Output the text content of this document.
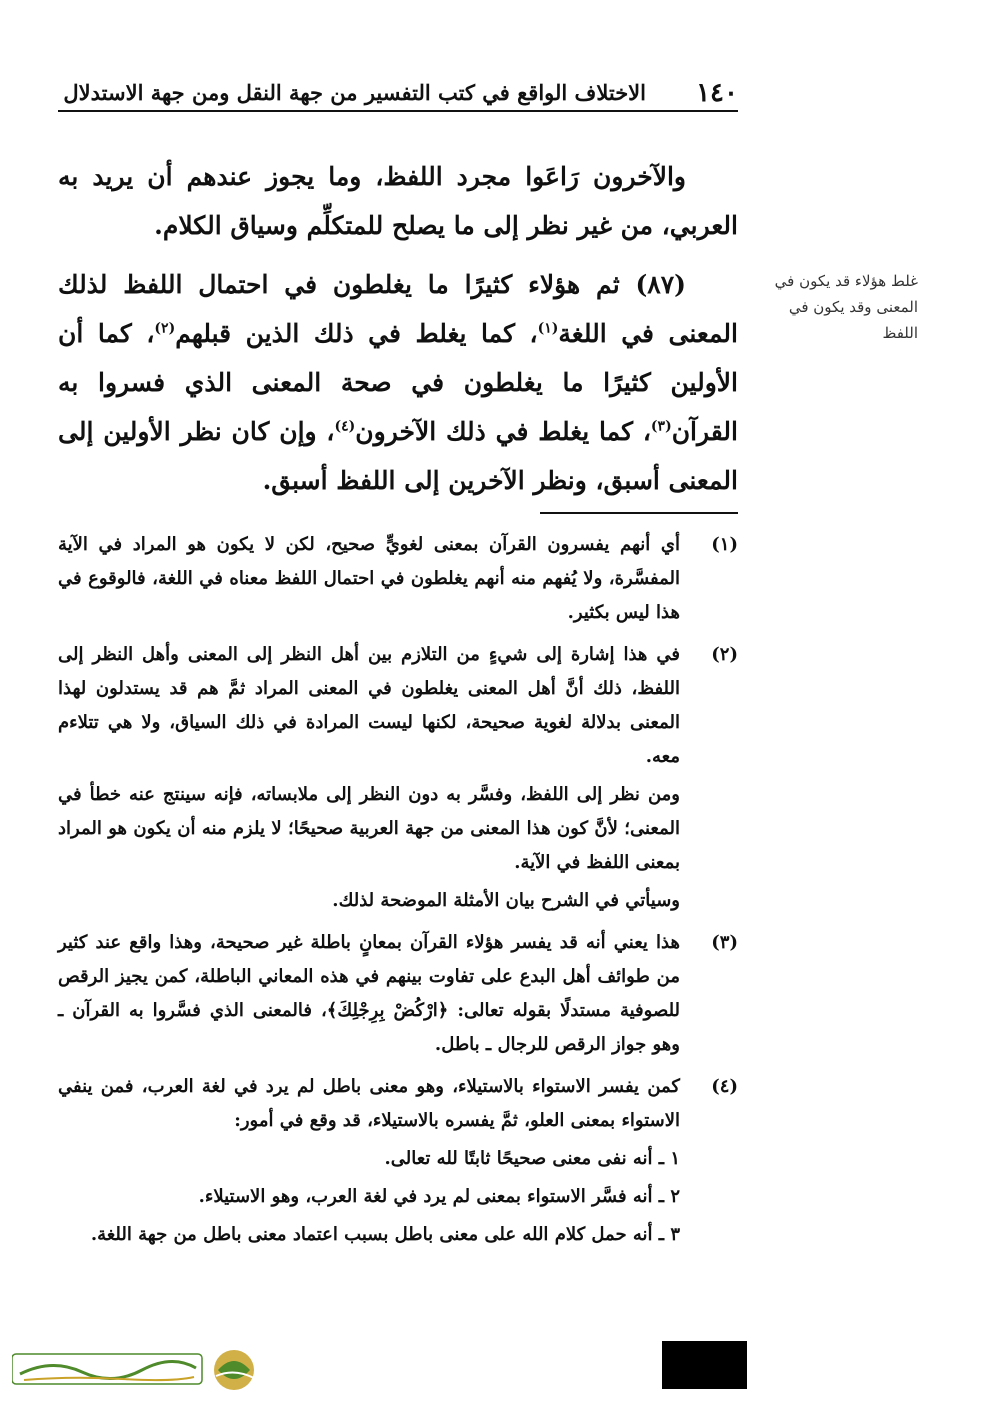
١٤٠
الاختلاف الواقع في كتب التفسير من جهة النقل ومن جهة الاستدلال

والآخرون رَاعَوا مجرد اللفظ، وما يجوز عندهم أن يريد به العربي، من غير نظر إلى ما يصلح للمتكلِّم وسياق الكلام.

(٨٧) ثم هؤلاء كثيرًا ما يغلطون في احتمال اللفظ لذلك المعنى في اللغة$^{(١)}$، كما يغلط في ذلك الذين قبلهم$^{(٢)}$، كما أن الأولين كثيرًا ما يغلطون في صحة المعنى الذي فسروا به القرآن$^{(٣)}$، كما يغلط في ذلك الآخرون$^{(٤)}$، وإن كان نظر الأولين إلى المعنى أسبق، ونظر الآخرين إلى اللفظ أسبق.

غلط هؤلاء قد يكون في المعنى وقد يكون في اللفظ
(١)

أي أنهم يفسرون القرآن بمعنى لغويٍّ صحيح، لكن لا يكون هو المراد في الآية المفسَّرة، ولا يُفهم منه أنهم يغلطون في احتمال اللفظ معناه في اللغة، فالوقوع في هذا ليس بكثير.

(٢)

في هذا إشارة إلى شيءٍ من التلازم بين أهل النظر إلى المعنى وأهل النظر إلى اللفظ، ذلك أنَّ أهل المعنى يغلطون في المعنى المراد ثمَّ هم قد يستدلون لهذا المعنى بدلالة لغوية صحيحة، لكنها ليست المرادة في ذلك السياق، ولا هي تتلاءم معه.

ومن نظر إلى اللفظ، وفسَّر به دون النظر إلى ملابساته، فإنه سينتج عنه خطأ في المعنى؛ لأنَّ كون هذا المعنى من جهة العربية صحيحًا؛ لا يلزم منه أن يكون هو المراد بمعنى اللفظ في الآية.

وسيأتي في الشرح بيان الأمثلة الموضحة لذلك.

(٣)

هذا يعني أنه قد يفسر هؤلاء القرآن بمعانٍ باطلة غير صحيحة، وهذا واقع عند كثير من طوائف أهل البدع على تفاوت بينهم في هذه المعاني الباطلة، كمن يجيز الرقص للصوفية مستدلًا بقوله تعالى: ﴿ارْكُضْ بِرِجْلِكَ﴾، فالمعنى الذي فسَّروا به القرآن ـ وهو جواز الرقص للرجال ـ باطل.

(٤)

كمن يفسر الاستواء بالاستيلاء، وهو معنى باطل لم يرد في لغة العرب، فمن ينفي الاستواء بمعنى العلو، ثمَّ يفسره بالاستيلاء، قد وقع في أمور:

١ ـ أنه نفى معنى صحيحًا ثابتًا لله تعالى.

٢ ـ أنه فسَّر الاستواء بمعنى لم يرد في لغة العرب، وهو الاستيلاء.

٣ ـ أنه حمل كلام الله على معنى باطل بسبب اعتماد معنى باطل من جهة اللغة.
